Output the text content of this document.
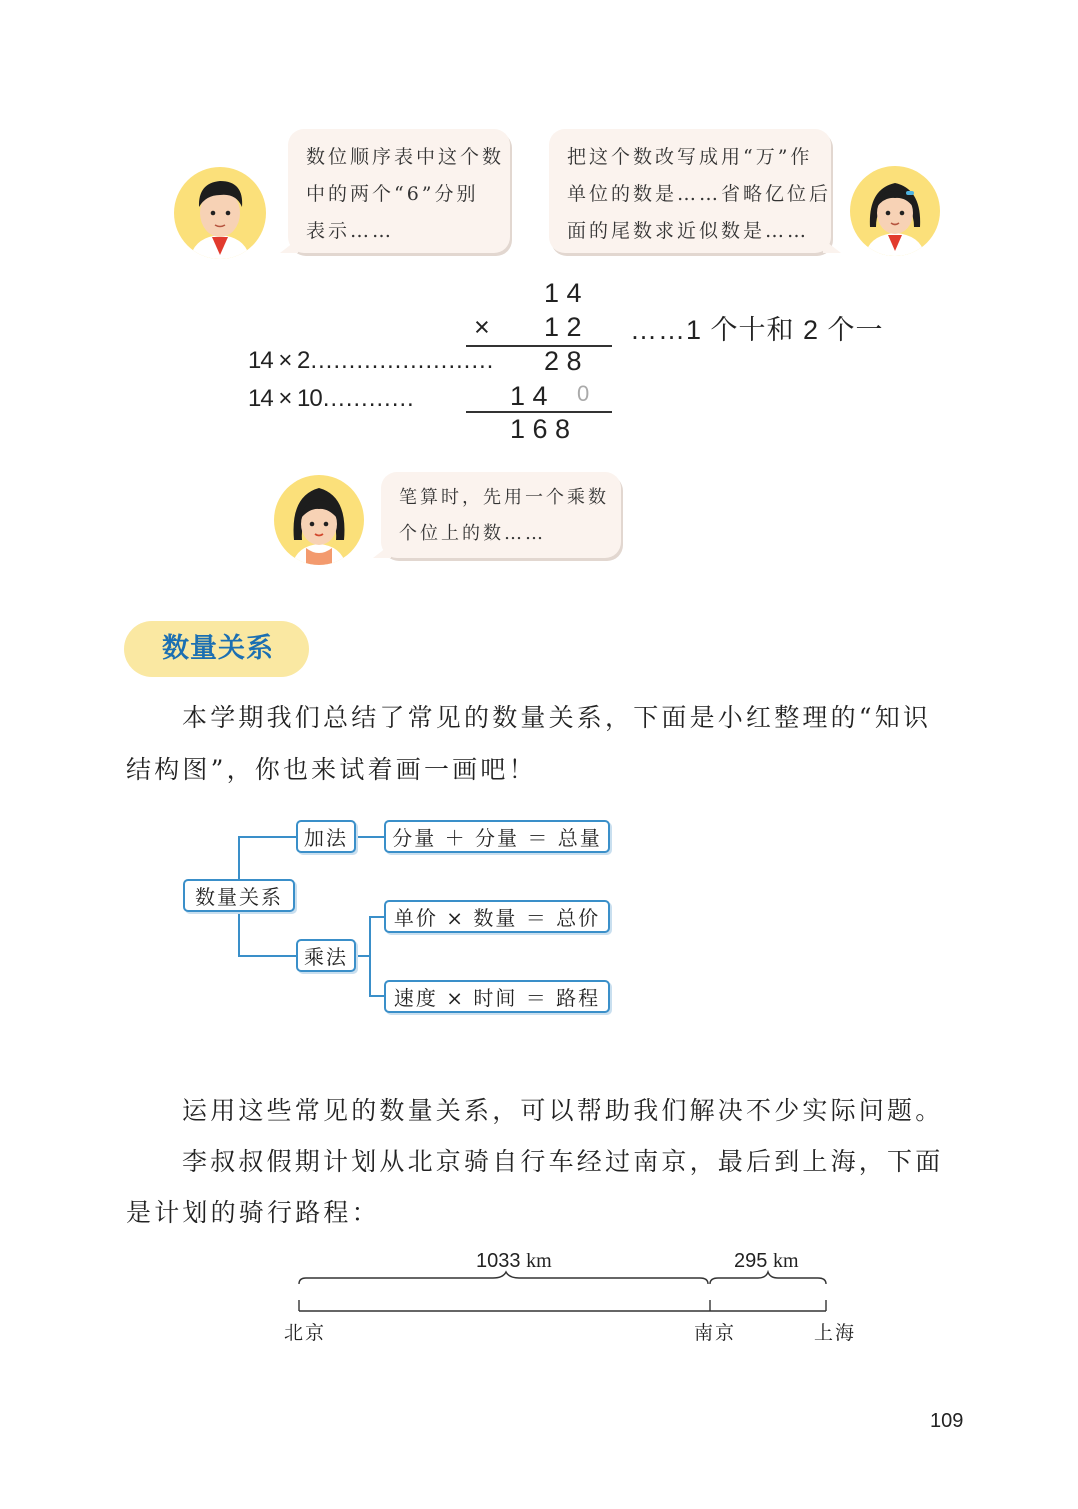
数位顺序表中这个数
中的两个“6”分别
表示……
把这个数改写成用“万”作
单位的数是……省略亿位后
面的尾数求近似数是……
1 4
× 1 2 ……1 个十和 2 个一
14 × 2…………………… 2 8
14 × 10…………	1 4 0
1 6 8
笔算时，先用一个乘数
个位上的数……
数量关系
本学期我们总结了常见的数量关系，下面是小红整理的“知识
结构图”，你也来试着画一画吧！
数量关系
加法	分量 ＋ 分量 ＝ 总量
乘法
单价 × 数量 ＝ 总价
速度 × 时间 ＝ 路程
运用这些常见的数量关系，可以帮助我们解决不少实际问题。
李叔叔假期计划从北京骑自行车经过南京，最后到上海，下面
是计划的骑行路程：
1033 km	295 km
北京	南京	上海
109
